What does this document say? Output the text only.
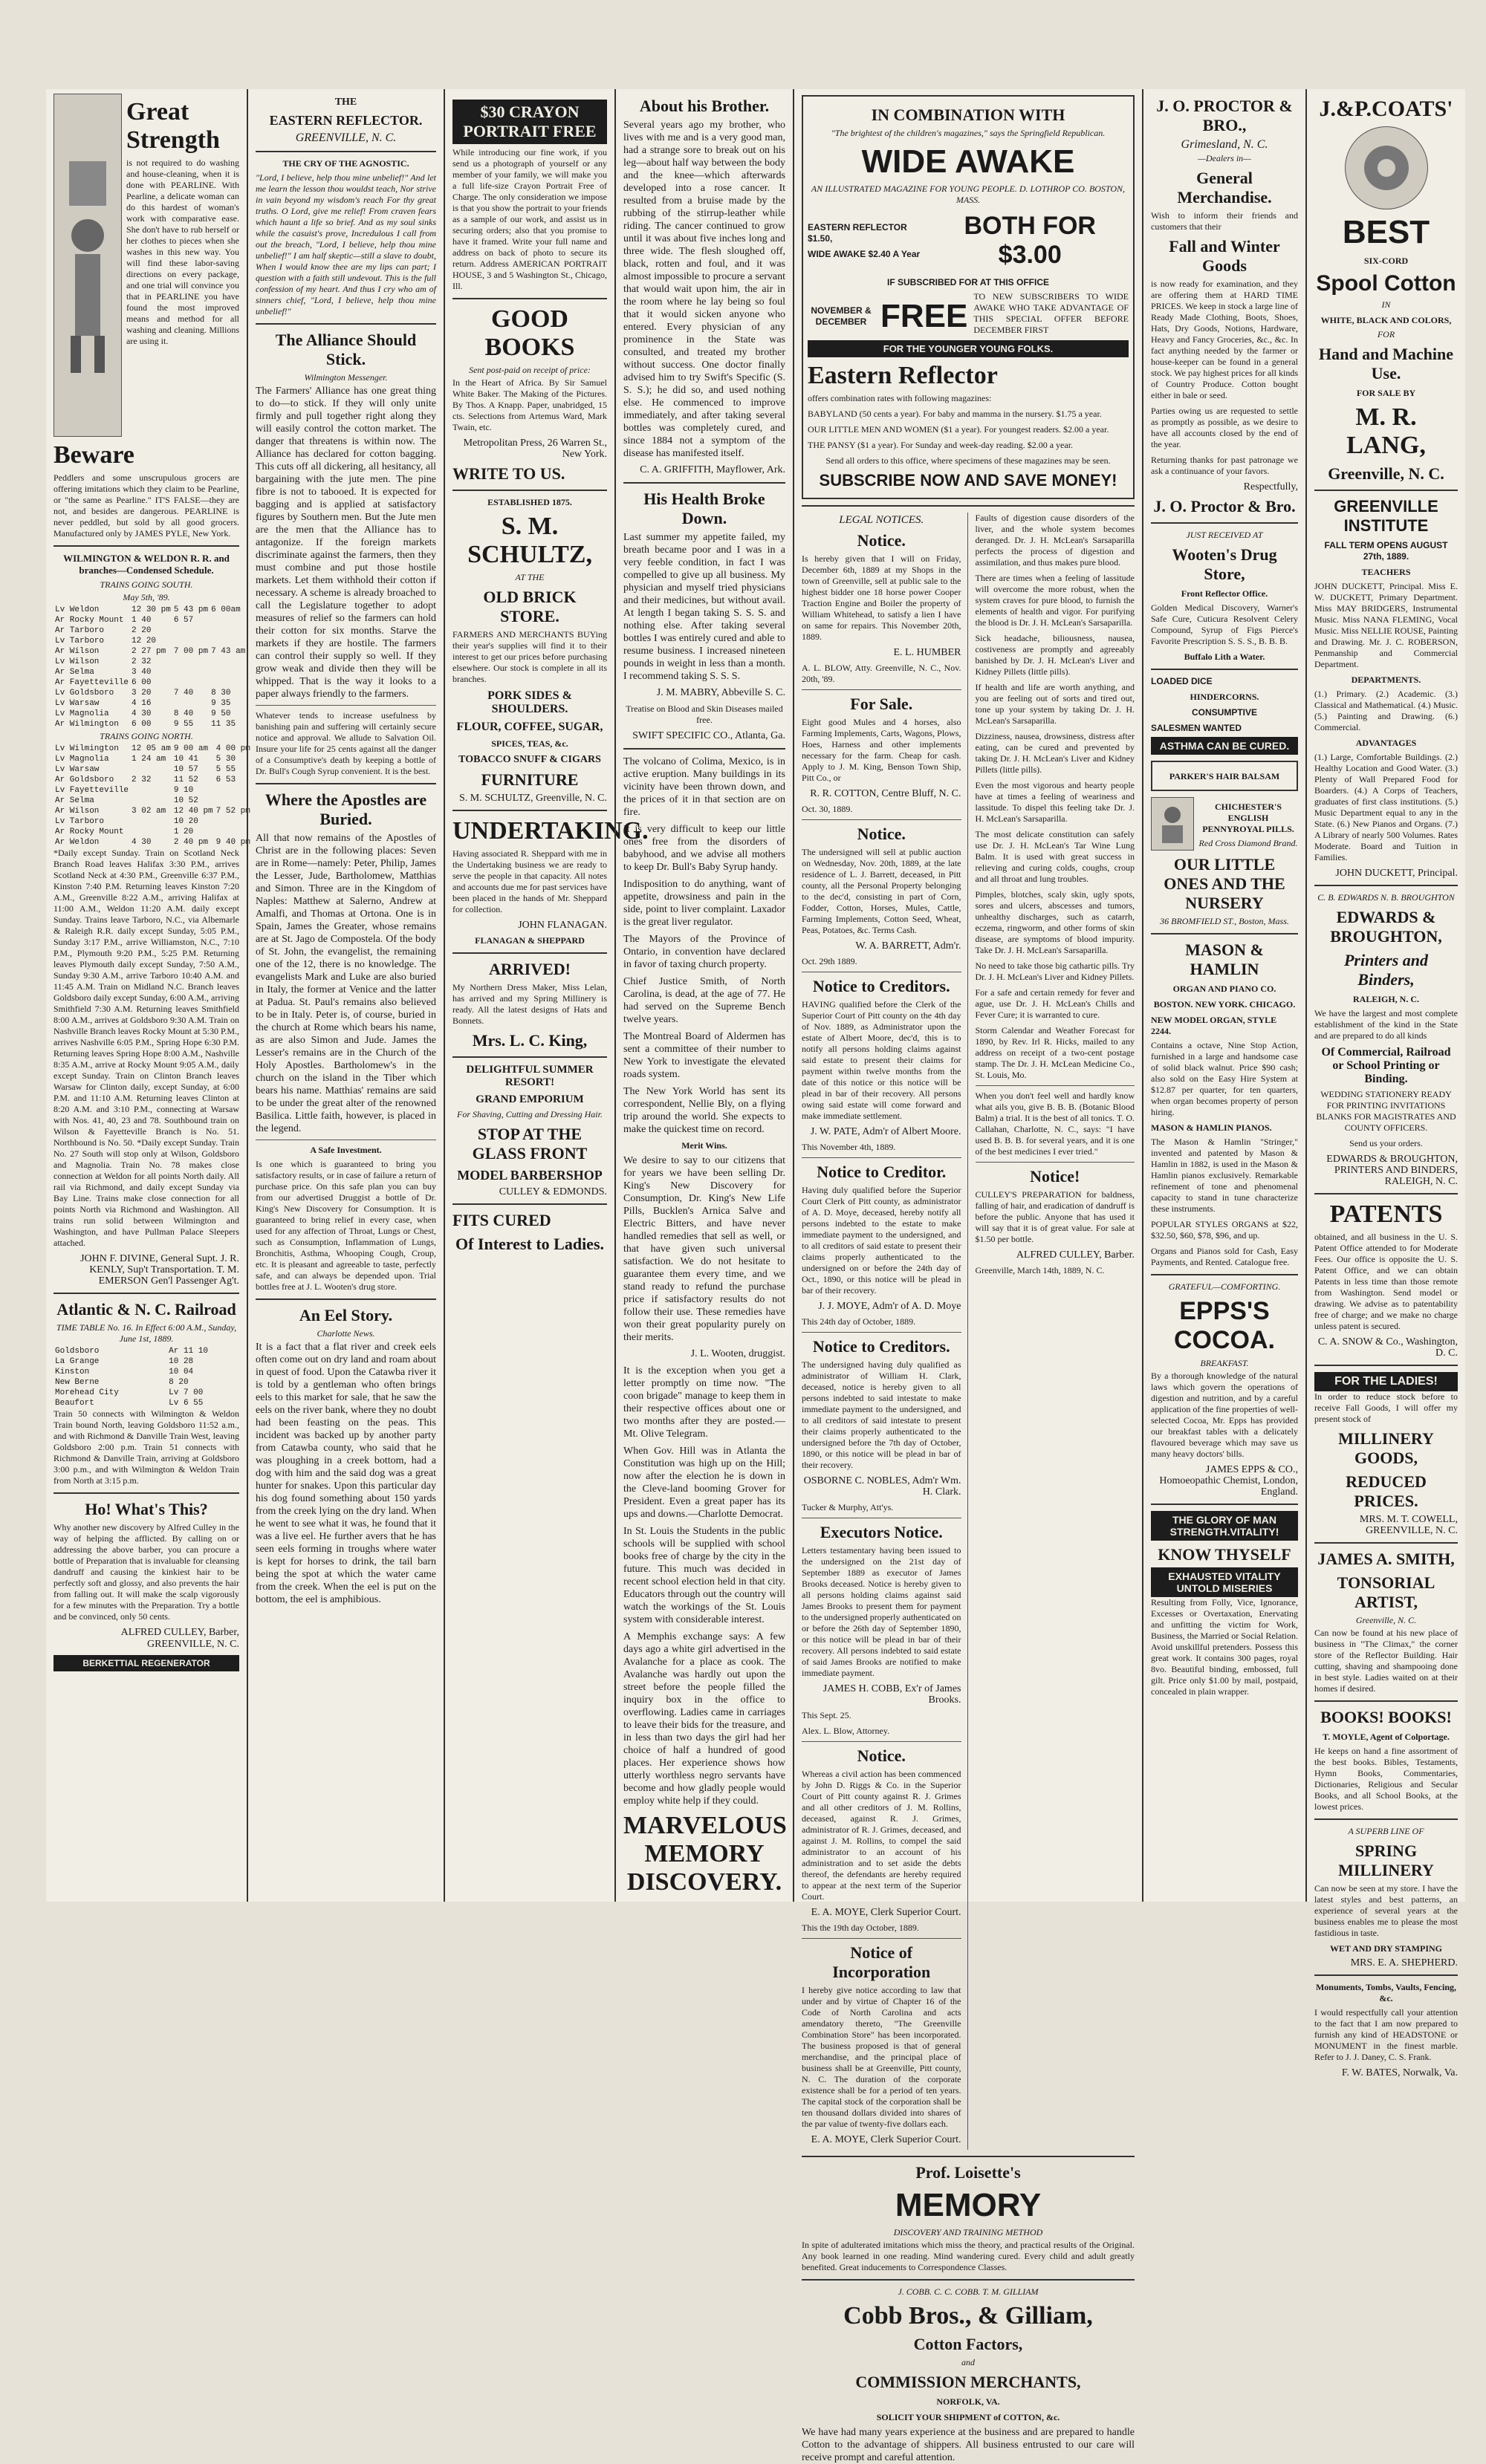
Great Strength

is not required to do washing and house-cleaning, when it is done with PEARLINE. With Pearline, a delicate woman can do this hardest of woman's work with comparative ease. She don't have to rub herself or her clothes to pieces when she washes in this new way. You will find these labor-saving directions on every package, and one trial will convince you that in PEARLINE you have found the most improved means and method for all washing and cleaning. Millions are using it.

Beware

Peddlers and some unscrupulous grocers are offering imitations which they claim to be Pearline, or "the same as Pearline." IT'S FALSE—they are not, and besides are dangerous. PEARLINE is never peddled, but sold by all good grocers. Manufactured only by JAMES PYLE, New York.

WILMINGTON & WELDON R. R. and branches—Condensed Schedule.
TRAINS GOING SOUTH.
May 5th, '89.
Lv Weldon	12 30 pm	5 43 pm	6 00am
Ar Rocky Mount	1 40	6 57	
Ar Tarboro	2 20		
Lv Tarboro	12 20		
Ar Wilson	2 27 pm	7 00 pm	7 43 am
Lv Wilson	2 32		
Ar Selma	3 40		
Ar Fayetteville	6 00		
Lv Goldsboro	3 20	7 40	8 30
Lv Warsaw	4 16		9 35
Lv Magnolia	4 30	8 40	9 50
Ar Wilmington	6 00	9 55	11 35
TRAINS GOING NORTH.
Lv Wilmington	12 05 am	9 00 am	4 00 pm
Lv Magnolia	1 24 am	10 41	5 30
Lv Warsaw		10 57	5 55
Ar Goldsboro	2 32	11 52	6 53
Lv Fayetteville		9 10	
Ar Selma		10 52	
Ar Wilson	3 02 am	12 40 pm	7 52 pm
Lv Tarboro		10 20	
Ar Rocky Mount		1 20	
Ar Weldon	4 30	2 40 pm	9 40 pm

*Daily except Sunday. Train on Scotland Neck Branch Road leaves Halifax 3:30 P.M., arrives Scotland Neck at 4:30 P.M., Greenville 6:37 P.M., Kinston 7:40 P.M. Returning leaves Kinston 7:20 A.M., Greenville 8:22 A.M., arriving Halifax at 11:00 A.M., Weldon 11:20 A.M. daily except Sunday. Trains leave Tarboro, N.C., via Albemarle & Raleigh R.R. daily except Sunday, 5:05 P.M., Sunday 3:17 P.M., arrive Williamston, N.C., 7:10 P.M., Plymouth 9:20 P.M., 5:25 P.M. Returning leaves Plymouth daily except Sunday, 7:50 A.M., Sunday 9:30 A.M., arrive Tarboro 10:40 A.M. and 11:45 A.M. Train on Midland N.C. Branch leaves Goldsboro daily except Sunday, 6:00 A.M., arriving Smithfield 7:30 A.M. Returning leaves Smithfield 8:00 A.M., arrives at Goldsboro 9:30 A.M. Train on Nashville Branch leaves Rocky Mount at 5:30 P.M., arrives Nashville 6:05 P.M., Spring Hope 6:30 P.M. Returning leaves Spring Hope 8:00 A.M., Nashville 8:35 A.M., arrive at Rocky Mount 9:05 A.M., daily except Sunday. Train on Clinton Branch leaves Warsaw for Clinton daily, except Sunday, at 6:00 P.M. and 11:10 A.M. Returning leaves Clinton at 8:20 A.M. and 3:10 P.M., connecting at Warsaw with Nos. 41, 40, 23 and 78. Southbound train on Wilson & Fayetteville Branch is No. 51. Northbound is No. 50. *Daily except Sunday. Train No. 27 South will stop only at Wilson, Goldsboro and Magnolia. Train No. 78 makes close connection at Weldon for all points North daily. All rail via Richmond, and daily except Sunday via Bay Line. Trains make close connection for all points North via Richmond and Washington. All trains run solid between Wilmington and Washington, and have Pullman Palace Sleepers attached.

JOHN F. DIVINE, General Supt. J. R. KENLY, Sup't Transportation. T. M. EMERSON Gen'l Passenger Ag't.

Atlantic & N. C. Railroad
TIME TABLE No. 16. In Effect 6:00 A.M., Sunday, June 1st, 1889.
Goldsboro	Ar 11 10
La Grange	10 28
Kinston	10 04
New Berne	8 20
Morehead City	Lv 7 00
Beaufort	Lv 6 55

Train 50 connects with Wilmington & Weldon Train bound North, leaving Goldsboro 11:52 a.m., and with Richmond & Danville Train West, leaving Goldsboro 2:00 p.m. Train 51 connects with Richmond & Danville Train, arriving at Goldsboro 3:00 p.m., and with Wilmington & Weldon Train from North at 3:15 p.m.

Ho! What's This?

Why another new discovery by Alfred Culley in the way of helping the afflicted. By calling on or addressing the above barber, you can procure a bottle of Preparation that is invaluable for cleansing dandruff and causing the kinkiest hair to be perfectly soft and glossy, and also prevents the hair from falling out. It will make the scalp vigorously for a few minutes with the Preparation. Try a bottle and be convinced, only 50 cents.

ALFRED CULLEY, Barber, GREENVILLE, N. C.

BERKETTIAL REGENERATOR
THE
EASTERN REFLECTOR.
GREENVILLE, N. C.
THE CRY OF THE AGNOSTIC.

"Lord, I believe, help thou mine unbelief!" And let me learn the lesson thou wouldst teach, Nor strive in vain beyond my wisdom's reach For thy great truths. O Lord, give me relief! From craven fears which haunt a life so brief. And as my soul sinks while the casuist's prove, Incredulous I call from out the breach, "Lord, I believe, help thou mine unbelief!" I am half skeptic—still a slave to doubt, When I would know thee are my lips can part; I question with a faith still undevout. This is the full confession of my heart. And thus I cry who am of sinners chief, "Lord, I believe, help thou mine unbelief!"

The Alliance Should Stick.
Wilmington Messenger.

The Farmers' Alliance has one great thing to do—to stick. If they will only unite firmly and pull together right along they will easily control the cotton market. The danger that threatens is within now. The Alliance has declared for cotton bagging. This cuts off all dickering, all hesitancy, all bargaining with the jute men. The pine fibre is not to tabooed. It is expected for bagging and is applied at satisfactory figures by Southern men. But the Jute men are the men that the Alliance has to antagonize. If the foreign markets discriminate against the farmers, then they must combine and put those hostile markets. Let them withhold their cotton if necessary. A scheme is already broached to call the Legislature together to adopt measures of relief so the farmers can hold their cotton for six months. Starve the markets if they are hostile. The farmers can control their supply so well. If they grow weak and divide then they will be whipped. That is the way it looks to a paper always friendly to the farmers.

Whatever tends to increase usefulness by banishing pain and suffering will certainly secure notice and approval. We allude to Salvation Oil. Insure your life for 25 cents against all the danger of a Consumptive's death by keeping a bottle of Dr. Bull's Cough Syrup convenient. It is the best.

Where the Apostles are Buried.

All that now remains of the Apostles of Christ are in the following places: Seven are in Rome—namely: Peter, Philip, James the Lesser, Jude, Bartholomew, Matthias and Simon. Three are in the Kingdom of Naples: Matthew at Salerno, Andrew at Amalfi, and Thomas at Ortona. One is in Spain, James the Greater, whose remains are at St. Jago de Compostela. Of the body of St. John, the evangelist, the remaining one of the 12, there is no knowledge. The evangelists Mark and Luke are also buried in Italy, the former at Venice and the latter at Padua. St. Paul's remains also believed to be in Italy. Peter is, of course, buried in the church at Rome which bears his name, as are also Simon and Jude. James the Lesser's remains are in the Church of the Holy Apostles. Bartholomew's in the church on the island in the Tiber which bears his name. Matthias' remains are said to be under the great alter of the renowned Basilica. Little faith, however, is placed in the legend.

A Safe Investment.

Is one which is guaranteed to bring you satisfactory results, or in case of failure a return of purchase price. On this safe plan you can buy from our advertised Druggist a bottle of Dr. King's New Discovery for Consumption. It is guaranteed to bring relief in every case, when used for any affection of Throat, Lungs or Chest, such as Consumption, Inflammation of Lungs, Bronchitis, Asthma, Whooping Cough, Croup, etc. It is pleasant and agreeable to taste, perfectly safe, and can always be depended upon. Trial bottles free at J. L. Wooten's drug store.

An Eel Story.
Charlotte News.

It is a fact that a flat river and creek eels often come out on dry land and roam about in quest of food. Upon the Catawba river it is told by a gentleman who often brings eels to this market for sale, that he saw the eels on the river bank, where they no doubt had been feasting on the peas. This incident was backed up by another party from Catawba county, who said that he was ploughing in a creek bottom, had a dog with him and the said dog was a great hunter for snakes. Upon this particular day his dog found something about 150 yards from the creek lying on the dry land. When he went to see what it was, he found that it was a live eel. He further avers that he has seen eels forming in troughs where water is kept for horses to drink, the tail barn being the spot at which the water came from the creek. When the eel is put on the bottom, the eel is amphibious.

$30 CRAYON PORTRAIT FREE

While introducing our fine work, if you send us a photograph of yourself or any member of your family, we will make you a full life-size Crayon Portrait Free of Charge. The only consideration we impose is that you show the portrait to your friends as a sample of our work, and assist us in securing orders; also that you promise to have it framed. Write your full name and address on back of photo to secure its return. Address AMERICAN PORTRAIT HOUSE, 3 and 5 Washington St., Chicago, Ill.

GOOD BOOKS
Sent post-paid on receipt of price:

In the Heart of Africa. By Sir Samuel White Baker. The Making of the Pictures. By Thos. A Knapp. Paper, unabridged, 15 cts. Selections from Artemus Ward, Mark Twain, etc.

Metropolitan Press, 26 Warren St., New York.

WRITE TO US.
ESTABLISHED 1875.
S. M. SCHULTZ,
AT THE
OLD BRICK STORE.

FARMERS AND MERCHANTS BUYing their year's supplies will find it to their interest to get our prices before purchasing elsewhere. Our stock is complete in all its branches.

PORK SIDES & SHOULDERS.
FLOUR, COFFEE, SUGAR,
SPICES, TEAS, &c.
TOBACCO SNUFF & CIGARS
FURNITURE

S. M. SCHULTZ, Greenville, N. C.

UNDERTAKING.

Having associated R. Sheppard with me in the Undertaking business we are ready to serve the people in that capacity. All notes and accounts due me for past services have been placed in the hands of Mr. Sheppard for collection.

JOHN FLANAGAN.

FLANAGAN & SHEPPARD
ARRIVED!

My Northern Dress Maker, Miss Lelan, has arrived and my Spring Millinery is ready. All the latest designs of Hats and Bonnets.

Mrs. L. C. King,
DELIGHTFUL SUMMER RESORT!
GRAND EMPORIUM
For Shaving, Cutting and Dressing Hair.
STOP AT THE GLASS FRONT
MODEL BARBERSHOP

CULLEY & EDMONDS.

FITS CURED
Of Interest to Ladies.
About his Brother.

Several years ago my brother, who lives with me and is a very good man, had a strange sore to break out on his leg—about half way between the body and the knee—which afterwards developed into a rose cancer. It resulted from a bruise made by the rubbing of the stirrup-leather while riding. The cancer continued to grow until it was about five inches long and three wide. The flesh sloughed off, black, rotten and foul, and it was almost impossible to procure a servant that would wait upon him, the air in the room where he lay being so foul that it would sicken anyone who entered. Every physician of any prominence in the State was consulted, and treated my brother without success. One doctor finally advised him to try Swift's Specific (S. S. S.); he did so, and used nothing else. He commenced to improve immediately, and after taking several bottles was completely cured, and since 1884 not a symptom of the disease has manifested itself.

C. A. GRIFFITH, Mayflower, Ark.

His Health Broke Down.

Last summer my appetite failed, my breath became poor and I was in a very feeble condition, in fact I was compelled to give up all business. My physician and myself tried physicians and their medicines, but without avail. At length I began taking S. S. S. and nothing else. After taking several bottles I was entirely cured and able to resume business. I increased nineteen pounds in weight in less than a month. I recommend taking S. S. S.

J. M. MABRY, Abbeville S. C.

Treatise on Blood and Skin Diseases mailed free.

SWIFT SPECIFIC CO., Atlanta, Ga.

The volcano of Colima, Mexico, is in active eruption. Many buildings in its vicinity have been thrown down, and the prices of it in that section are on fire.

It is very difficult to keep our little ones free from the disorders of babyhood, and we advise all mothers to keep Dr. Bull's Baby Syrup handy.

Indisposition to do anything, want of appetite, drowsiness and pain in the side, point to liver complaint. Laxador is the great liver regulator.

The Mayors of the Province of Ontario, in convention have declared in favor of taxing church property.

Chief Justice Smith, of North Carolina, is dead, at the age of 77. He had served on the Supreme Bench twelve years.

The Montreal Board of Aldermen has sent a committee of their number to New York to investigate the elevated roads system.

The New York World has sent its correspondent, Nellie Bly, on a flying trip around the world. She expects to make the quickest time on record.

Merit Wins.

We desire to say to our citizens that for years we have been selling Dr. King's New Discovery for Consumption, Dr. King's New Life Pills, Bucklen's Arnica Salve and Electric Bitters, and have never handled remedies that sell as well, or that have given such universal satisfaction. We do not hesitate to guarantee them every time, and we stand ready to refund the purchase price if satisfactory results do not follow their use. These remedies have won their great popularity purely on their merits.

J. L. Wooten, druggist.

It is the exception when you get a letter promptly on time now. "The coon brigade" manage to keep them in their respective offices about one or two months after they are posted.—Mt. Olive Telegram.

When Gov. Hill was in Atlanta the Constitution was high up on the Hill; now after the election he is down in the Cleve-land booming Grover for President. Even a great paper has its ups and downs.—Charlotte Democrat.

In St. Louis the Students in the public schools will be supplied with school books free of charge by the city in the future. This much was decided in recent school election held in that city. Educators through out the country will watch the workings of the St. Louis system with considerable interest.

A Memphis exchange says: A few days ago a white girl advertised in the Avalanche for a place as cook. The Avalanche was hardly out upon the street before the people filled the inquiry box in the office to overflowing. Ladies came in carriages to leave their bids for the treasure, and in less than two days the girl had her choice of half a hundred of good places. Her experience shows how utterly worthless negro servants have become and how gladly people would employ white help if they could.

MARVELOUS MEMORY DISCOVERY.
IN COMBINATION WITH
"The brightest of the children's magazines," says the Springfield Republican.
WIDE AWAKE
AN ILLUSTRATED MAGAZINE FOR YOUNG PEOPLE. D. LOTHROP CO. BOSTON, MASS.
EASTERN REFLECTOR $1.50,
WIDE AWAKE $2.40 A Year
BOTH FOR $3.00
IF SUBSCRIBED FOR AT THIS OFFICE
NOVEMBER & DECEMBER FREE
TO NEW SUBSCRIBERS TO WIDE AWAKE WHO TAKE ADVANTAGE OF THIS SPECIAL OFFER BEFORE DECEMBER FIRST
FOR THE YOUNGER YOUNG FOLKS.
Eastern Reflector
offers combination rates with following magazines:

BABYLAND (50 cents a year). For baby and mamma in the nursery. $1.75 a year.

OUR LITTLE MEN AND WOMEN ($1 a year). For youngest readers. $2.00 a year.

THE PANSY ($1 a year). For Sunday and week-day reading. $2.00 a year.

Send all orders to this office, where specimens of these magazines may be seen.

SUBSCRIBE NOW AND SAVE MONEY!
LEGAL NOTICES.
Notice.

Is hereby given that I will on Friday, December 6th, 1889 at my Shops in the town of Greenville, sell at public sale to the highest bidder one 18 horse power Cooper Traction Engine and Boiler the property of William Whitehead, to satisfy a lien I have on same for repairs. This November 20th, 1889.

E. L. HUMBER

A. L. BLOW, Atty. Greenville, N. C., Nov. 20th, '89.

For Sale.

Eight good Mules and 4 horses, also Farming Implements, Carts, Wagons, Plows, Hoes, Harness and other implements necessary for the farm. Cheap for cash. Apply to J. M. King, Benson Town Ship, Pitt Co., or

R. R. COTTON, Centre Bluff, N. C.

Oct. 30, 1889.

Notice.

The undersigned will sell at public auction on Wednesday, Nov. 20th, 1889, at the late residence of L. J. Barrett, deceased, in Pitt county, all the Personal Property belonging to the dec'd, consisting in part of Corn, Fodder, Cotton, Horses, Mules, Cattle, Farming Implements, Cotton Seed, Wheat, Peas, Potatoes, &c. Terms Cash.

W. A. BARRETT, Adm'r.

Oct. 29th 1889.

Notice to Creditors.

HAVING qualified before the Clerk of the Superior Court of Pitt county on the 4th day of Nov. 1889, as Administrator upon the estate of Albert Moore, dec'd, this is to notify all persons holding claims against said estate to present their claims for payment within twelve months from the date of this notice or this notice will be plead in bar of their recovery. All persons owing said estate will come forward and make immediate settlement.

J. W. PATE, Adm'r of Albert Moore.

This November 4th, 1889.

Notice to Creditor.

Having duly qualified before the Superior Court Clerk of Pitt county, as administrator of A. D. Moye, deceased, hereby notify all persons indebted to the estate to make immediate payment to the undersigned, and to all creditors of said estate to present their claims properly authenticated to the undersigned on or before the 24th day of Oct., 1890, or this notice will be plead in bar of their recovery.

J. J. MOYE, Adm'r of A. D. Moye

This 24th day of October, 1889.

Notice to Creditors.

The undersigned having duly qualified as administrator of William H. Clark, deceased, notice is hereby given to all persons indebted to said intestate to make immediate payment to the undersigned, and to all creditors of said intestate to present their claims properly authenticated to the undersigned before the 7th day of October, 1890, or this notice will be plead in bar of their recovery.

OSBORNE C. NOBLES, Adm'r Wm. H. Clark.

Tucker & Murphy, Att'ys.

Executors Notice.

Letters testamentary having been issued to the undersigned on the 21st day of September 1889 as executor of James Brooks deceased. Notice is hereby given to all persons holding claims against said James Brooks to present them for payment to the undersigned properly authenticated on or before the 26th day of September 1890, or this notice will be plead in bar of their recovery. All persons indebted to said estate of said James Brooks are notified to make immediate payment.

JAMES H. COBB, Ex'r of James Brooks.

This Sept. 25.

Alex. L. Blow, Attorney.

Notice.

Whereas a civil action has been commenced by John D. Riggs & Co. in the Superior Court of Pitt county against R. J. Grimes and all other creditors of J. M. Rollins, deceased, against R. J. Grimes, administrator of R. J. Grimes, deceased, and against J. M. Rollins, to compel the said administrator to an account of his administration and to set aside the debts thereof, the defendants are hereby required to appear at the next term of the Superior Court.

E. A. MOYE, Clerk Superior Court.

This the 19th day October, 1889.

Notice of Incorporation

I hereby give notice according to law that under and by virtue of Chapter 16 of the Code of North Carolina and acts amendatory thereto, "The Greenville Combination Store" has been incorporated. The business proposed is that of general merchandise, and the principal place of business shall be at Greenville, Pitt county, N. C. The duration of the corporate existence shall be for a period of ten years. The capital stock of the corporation shall be ten thousand dollars divided into shares of the par value of twenty-five dollars each.

E. A. MOYE, Clerk Superior Court.

Faults of digestion cause disorders of the liver, and the whole system becomes deranged. Dr. J. H. McLean's Sarsaparilla perfects the process of digestion and assimilation, and thus makes pure blood.

There are times when a feeling of lassitude will overcome the more robust, when the system craves for pure blood, to furnish the elements of health and vigor. For purifying the blood is Dr. J. H. McLean's Sarsaparilla.

Sick headache, biliousness, nausea, costiveness are promptly and agreeably banished by Dr. J. H. McLean's Liver and Kidney Pillets (little pills).

If health and life are worth anything, and you are feeling out of sorts and tired out, tone up your system by taking Dr. J. H. McLean's Sarsaparilla.

Dizziness, nausea, drowsiness, distress after eating, can be cured and prevented by taking Dr. J. H. McLean's Liver and Kidney Pillets (little pills).

Even the most vigorous and hearty people have at times a feeling of weariness and lassitude. To dispel this feeling take Dr. J. H. McLean's Sarsaparilla.

The most delicate constitution can safely use Dr. J. H. McLean's Tar Wine Lung Balm. It is used with great success in relieving and curing colds, coughs, croup and all throat and lung troubles.

Pimples, blotches, scaly skin, ugly spots, sores and ulcers, abscesses and tumors, unhealthy discharges, such as catarrh, eczema, ringworm, and other forms of skin disease, are symptoms of blood impurity. Take Dr. J. H. McLean's Sarsaparilla.

No need to take those big cathartic pills. Try Dr. J. H. McLean's Liver and Kidney Pillets.

For a safe and certain remedy for fever and ague, use Dr. J. H. McLean's Chills and Fever Cure; it is warranted to cure.

Storm Calendar and Weather Forecast for 1890, by Rev. Irl R. Hicks, mailed to any address on receipt of a two-cent postage stamp. The Dr. J. H. McLean Medicine Co., St. Louis, Mo.

When you don't feel well and hardly know what ails you, give B. B. B. (Botanic Blood Balm) a trial. It is the best of all tonics. T. O. Callahan, Charlotte, N. C., says: "I have used B. B. B. for several years, and it is one of the best medicines I ever tried."

Notice!

CULLEY'S PREPARATION for baldness, falling of hair, and eradication of dandruff is before the public. Anyone that has used it will say that it is of great value. For sale at $1.50 per bottle.

ALFRED CULLEY, Barber.

Greenville, March 14th, 1889, N. C.

Prof. Loisette's
MEMORY
DISCOVERY AND TRAINING METHOD

In spite of adulterated imitations which miss the theory, and practical results of the Original. Any book learned in one reading. Mind wandering cured. Every child and adult greatly benefited. Great inducements to Correspondence Classes.

J. COBB. C. C. COBB. T. M. GILLIAM
Cobb Bros., & Gilliam,
Cotton Factors,
and
COMMISSION MERCHANTS,
NORFOLK, VA.
SOLICIT YOUR SHIPMENT of COTTON, &c.

We have had many years experience at the business and are prepared to handle Cotton to the advantage of shippers. All business entrusted to our care will receive prompt and careful attention.

J. O. PROCTOR & BRO.,
Grimesland, N. C.
—Dealers in—
General Merchandise.

Wish to inform their friends and customers that their

Fall and Winter Goods

is now ready for examination, and they are offering them at HARD TIME PRICES. We keep in stock a large line of Ready Made Clothing, Boots, Shoes, Hats, Dry Goods, Notions, Hardware, Heavy and Fancy Groceries, &c., &c. In fact anything needed by the farmer or house-keeper can be found in a general stock. We pay highest prices for all kinds of Country Produce. Cotton bought either in bale or seed.

Parties owing us are requested to settle as promptly as possible, as we desire to have all accounts closed by the end of the year.

Returning thanks for past patronage we ask a continuance of your favors.

Respectfully,

J. O. Proctor & Bro.
JUST RECEIVED AT
Wooten's Drug Store,
Front Reflector Office.

Golden Medical Discovery, Warner's Safe Cure, Cuticura Resolvent Celery Compound, Syrup of Figs Pierce's Favorite Prescription S. S. S., B. B. B.

Buffalo Lith a Water.
LOADED DICE
HINDERCORNS.
CONSUMPTIVE
SALESMEN WANTED
ASTHMA CAN BE CURED.
PARKER'S HAIR BALSAM
CHICHESTER'S ENGLISH PENNYROYAL PILLS.
Red Cross Diamond Brand.
OUR LITTLE ONES AND THE NURSERY
36 BROMFIELD ST., Boston, Mass.
MASON & HAMLIN
ORGAN AND PIANO CO.
BOSTON. NEW YORK. CHICAGO.
NEW MODEL ORGAN, STYLE 2244.

Contains a octave, Nine Stop Action, furnished in a large and handsome case of solid black walnut. Price $90 cash; also sold on the Easy Hire System at $12.87 per quarter, for ten quarters, when organ becomes property of person hiring.

MASON & HAMLIN PIANOS.

The Mason & Hamlin "Stringer," invented and patented by Mason & Hamlin in 1882, is used in the Mason & Hamlin pianos exclusively. Remarkable refinement of tone and phenomenal capacity to stand in tune characterize these instruments.

POPULAR STYLES ORGANS at $22, $32.50, $60, $78, $96, and up.

Organs and Pianos sold for Cash, Easy Payments, and Rented. Catalogue free.

GRATEFUL—COMFORTING.
EPPS'S COCOA.
BREAKFAST.

By a thorough knowledge of the natural laws which govern the operations of digestion and nutrition, and by a careful application of the fine properties of well-selected Cocoa, Mr. Epps has provided our breakfast tables with a delicately flavoured beverage which may save us many heavy doctors' bills.

JAMES EPPS & CO., Homoeopathic Chemist, London, England.

THE GLORY OF MAN STRENGTH.VITALITY!
KNOW THYSELF
EXHAUSTED VITALITY UNTOLD MISERIES

Resulting from Folly, Vice, Ignorance, Excesses or Overtaxation, Enervating and unfitting the victim for Work, Business, the Married or Social Relation. Avoid unskillful pretenders. Possess this great work. It contains 300 pages, royal 8vo. Beautiful binding, embossed, full gilt. Price only $1.00 by mail, postpaid, concealed in plain wrapper.

J.&P.COATS'
BEST
SIX-CORD
Spool Cotton
IN
WHITE, BLACK AND COLORS,
FOR
Hand and Machine Use.
FOR SALE BY
M. R. LANG,
Greenville, N. C.
GREENVILLE INSTITUTE
FALL TERM OPENS AUGUST 27th, 1889.
TEACHERS

JOHN DUCKETT, Principal. Miss E. W. DUCKETT, Primary Department. Miss MAY BRIDGERS, Instrumental Music. Miss NANA FLEMING, Vocal Music. Miss NELLIE ROUSE, Painting and Drawing. Mr. J. C. ROBERSON, Penmanship and Commercial Department.

DEPARTMENTS.

(1.) Primary. (2.) Academic. (3.) Classical and Mathematical. (4.) Music. (5.) Painting and Drawing. (6.) Commercial.

ADVANTAGES

(1.) Large, Comfortable Buildings. (2.) Healthy Location and Good Water. (3.) Plenty of Wall Prepared Food for Boarders. (4.) A Corps of Teachers, graduates of first class institutions. (5.) Music Department equal to any in the State. (6.) New Pianos and Organs. (7.) A Library of nearly 500 Volumes. Rates Moderate. Board and Tuition in Families.

JOHN DUCKETT, Principal.

C. B. EDWARDS N. B. BROUGHTON
EDWARDS & BROUGHTON,
Printers and Binders,
RALEIGH, N. C.

We have the largest and most complete establishment of the kind in the State and are prepared to do all kinds

Of Commercial, Railroad or School Printing or Binding.

WEDDING STATIONERY READY FOR PRINTING INVITATIONS BLANKS FOR MAGISTRATES AND COUNTY OFFICERS.

Send us your orders.

EDWARDS & BROUGHTON, PRINTERS AND BINDERS, RALEIGH, N. C.

PATENTS

obtained, and all business in the U. S. Patent Office attended to for Moderate Fees. Our office is opposite the U. S. Patent Office, and we can obtain Patents in less time than those remote from Washington. Send model or drawing. We advise as to patentability free of charge; and we make no charge unless patent is secured.

C. A. SNOW & Co., Washington, D. C.

FOR THE LADIES!

In order to reduce stock before to receive Fall Goods, I will offer my present stock of

MILLINERY GOODS,
REDUCED PRICES.

MRS. M. T. COWELL, GREENVILLE, N. C.

JAMES A. SMITH,
TONSORIAL ARTIST,
Greenville, N. C.

Can now be found at his new place of business in "The Climax," the corner store of the Reflector Building. Hair cutting, shaving and shampooing done in best style. Ladies waited on at their homes if desired.

BOOKS! BOOKS!
T. MOYLE, Agent of Colportage.

He keeps on hand a fine assortment of the best books. Bibles, Testaments, Hymn Books, Commentaries, Dictionaries, Religious and Secular Books, and all School Books, at the lowest prices.

A SUPERB LINE OF
SPRING MILLINERY

Can now be seen at my store. I have the latest styles and best patterns, an experience of several years at the business enables me to please the most fastidious in taste.

WET AND DRY STAMPING

MRS. E. A. SHEPHERD.

Monuments, Tombs, Vaults, Fencing, &c.

I would respectfully call your attention to the fact that I am now prepared to furnish any kind of HEADSTONE or MONUMENT in the finest marble. Refer to J. J. Daney, C. S. Frank.

F. W. BATES, Norwalk, Va.
